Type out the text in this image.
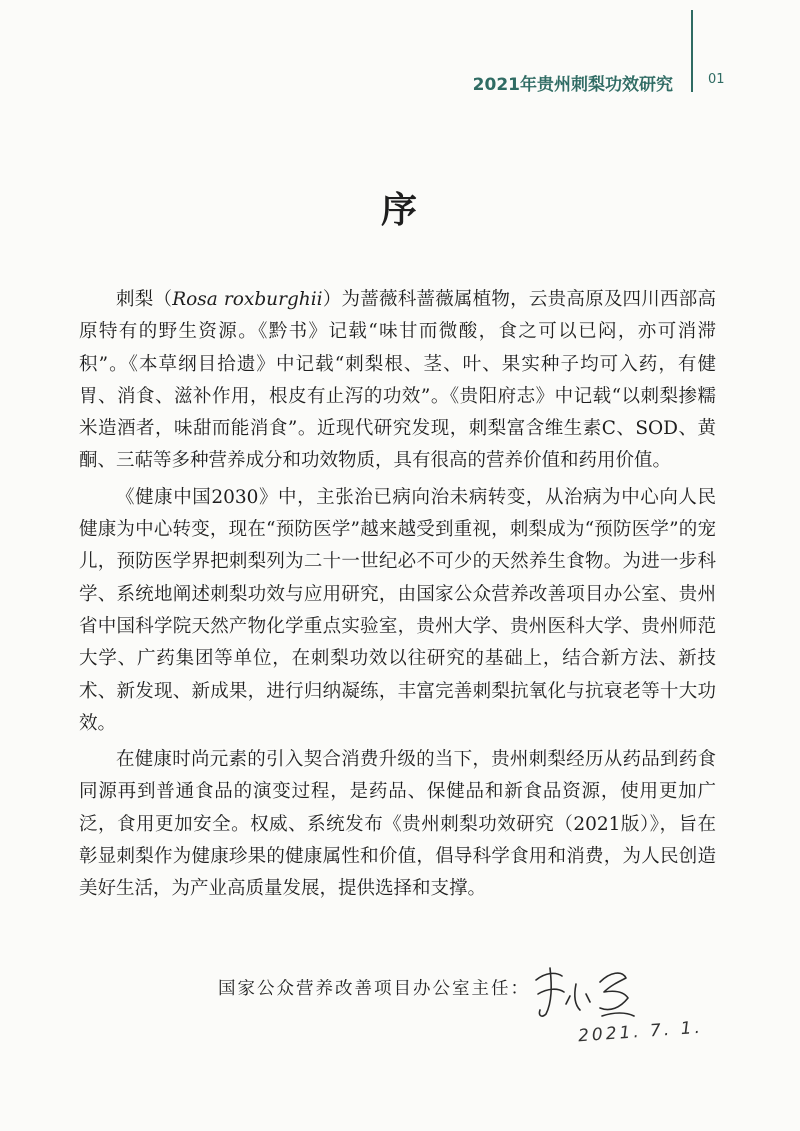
2021年贵州刺梨功效研究	01
序

刺梨（Rosa roxburghii）为蔷薇科蔷薇属植物，云贵高原及四川西部高原特有的野生资源。《黔书》记载“味甘而微酸，食之可以已闷，亦可消滞积”。《本草纲目拾遗》中记载“刺梨根、茎、叶、果实种子均可入药，有健胃、消食、滋补作用，根皮有止泻的功效”。《贵阳府志》中记载“以刺梨掺糯米造酒者，味甜而能消食”。近现代研究发现，刺梨富含维生素C、SOD、黄酮、三萜等多种营养成分和功效物质，具有很高的营养价值和药用价值。

《健康中国2030》中，主张治已病向治未病转变，从治病为中心向人民健康为中心转变，现在“预防医学”越来越受到重视，刺梨成为“预防医学”的宠儿，预防医学界把刺梨列为二十一世纪必不可少的天然养生食物。为进一步科学、系统地阐述刺梨功效与应用研究，由国家公众营养改善项目办公室、贵州省中国科学院天然产物化学重点实验室，贵州大学、贵州医科大学、贵州师范大学、广药集团等单位，在刺梨功效以往研究的基础上，结合新方法、新技术、新发现、新成果，进行归纳凝练，丰富完善刺梨抗氧化与抗衰老等十大功效。

在健康时尚元素的引入契合消费升级的当下，贵州刺梨经历从药品到药食同源再到普通食品的演变过程，是药品、保健品和新食品资源，使用更加广泛，食用更加安全。权威、系统发布《贵州刺梨功效研究（2021版）》，旨在彰显刺梨作为健康珍果的健康属性和价值，倡导科学食用和消费，为人民创造美好生活，为产业高质量发展，提供选择和支撑。

国家公众营养改善项目办公室主任：
2021. 7. 1.
